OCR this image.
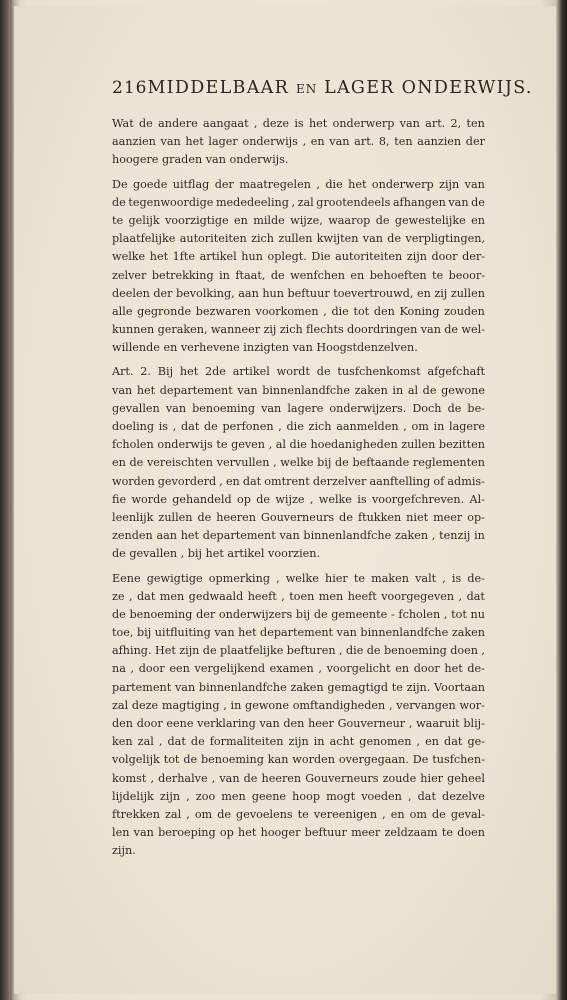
216 MIDDELBAAR EN LAGER ONDERWIJS.
Wat de andere aangaat , deze is het onderwerp van art. 2, ten
aanzien van het lager onderwijs , en van art. 8, ten aanzien der
hoogere graden van onderwijs.
De goede uitflag der maatregelen , die het onderwerp zijn van
de tegenwoordige mededeeling , zal grootendeels afhangen van de
te gelijk voorzigtige en milde wijze, waarop de gewestelijke en
plaatfelijke autoriteiten zich zullen kwijten van de verpligtingen,
welke het 1fte artikel hun oplegt. Die autoriteiten zijn door der-
zelver betrekking in ftaat, de wenfchen en behoeften te beoor-
deelen der bevolking, aan hun beftuur toevertrouwd, en zij zullen
alle gegronde bezwaren voorkomen , die tot den Koning zouden
kunnen geraken, wanneer zij zich flechts doordringen van de wel-
willende en verhevene inzigten van Hoogstdenzelven.
Art. 2. Bij het 2de artikel wordt de tusfchenkomst afgefchaft
van het departement van binnenlandfche zaken in al de gewone
gevallen van benoeming van lagere onderwijzers. Doch de be-
doeling is , dat de perfonen , die zich aanmelden , om in lagere
fcholen onderwijs te geven , al die hoedanigheden zullen bezitten
en de vereischten vervullen , welke bij de beftaande reglementen
worden gevorderd , en dat omtrent derzelver aanftelling of admis-
fie worde gehandeld op de wijze , welke is voorgefchreven. Al-
leenlijk zullen de heeren Gouverneurs de ftukken niet meer op-
zenden aan het departement van binnenlandfche zaken , tenzij in
de gevallen , bij het artikel voorzien.
Eene gewigtige opmerking , welke hier te maken valt , is de-
ze , dat men gedwaald heeft , toen men heeft voorgegeven , dat
de benoeming der onderwijzers bij de gemeente - fcholen , tot nu
toe, bij uitfluiting van het departement van binnenlandfche zaken
afhing. Het zijn de plaatfelijke befturen , die de benoeming doen ,
na , door een vergelijkend examen , voorgelicht en door het de-
partement van binnenlandfche zaken gemagtigd te zijn. Voortaan
zal deze magtiging , in gewone omftandigheden , vervangen wor-
den door eene verklaring van den heer Gouverneur , waaruit blij-
ken zal , dat de formaliteiten zijn in acht genomen , en dat ge-
volgelijk tot de benoeming kan worden overgegaan. De tusfchen-
komst , derhalve , van de heeren Gouverneurs zoude hier geheel
lijdelijk zijn , zoo men geene hoop mogt voeden , dat dezelve
ftrekken zal , om de gevoelens te vereenigen , en om de geval-
len van beroeping op het hooger beftuur meer zeldzaam te doen
zijn.
